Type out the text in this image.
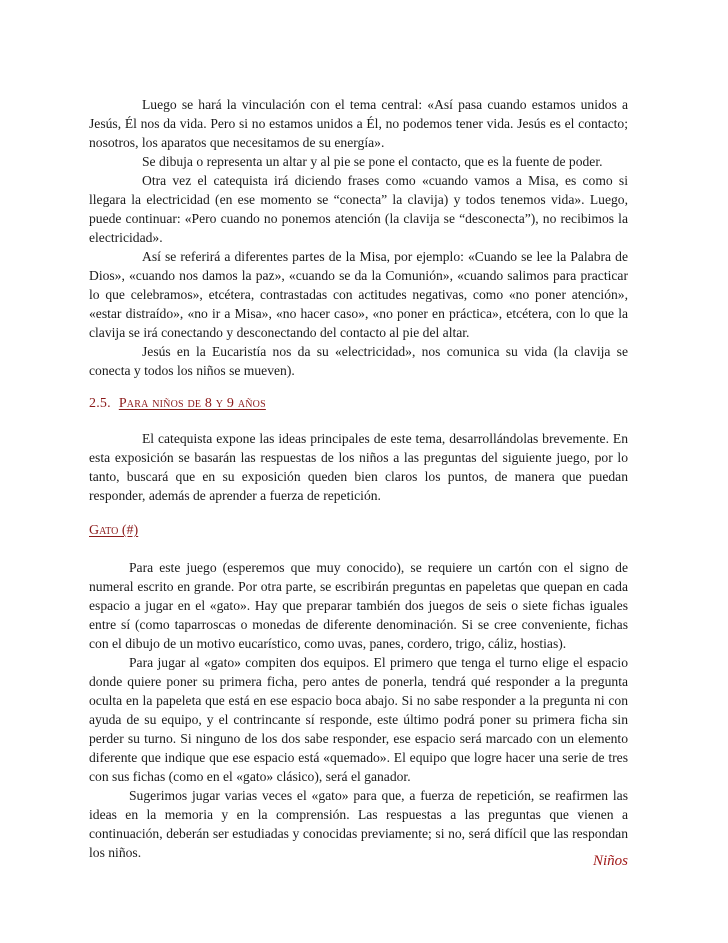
Luego se hará la vinculación con el tema central: «Así pasa cuando estamos unidos a Jesús, Él nos da vida. Pero si no estamos unidos a Él, no podemos tener vida. Jesús es el contacto; nosotros, los aparatos que necesitamos de su energía».

Se dibuja o representa un altar y al pie se pone el contacto, que es la fuente de poder.

Otra vez el catequista irá diciendo frases como «cuando vamos a Misa, es como si llegara la electricidad (en ese momento se “conecta” la clavija) y todos tenemos vida». Luego, puede continuar: «Pero cuando no ponemos atención (la clavija se “desconecta”), no recibimos la electricidad».

Así se referirá a diferentes partes de la Misa, por ejemplo: «Cuando se lee la Palabra de Dios», «cuando nos damos la paz», «cuando se da la Comunión», «cuando salimos para practicar lo que celebramos», etcétera, contrastadas con actitudes negativas, como «no poner atención», «estar distraído», «no ir a Misa», «no hacer caso», «no poner en práctica», etcétera, con lo que la clavija se irá conectando y desconectando del contacto al pie del altar.

Jesús en la Eucaristía nos da su «electricidad», nos comunica su vida (la clavija se conecta y todos los niños se mueven).

2.5. Para niños de 8 y 9 años

El catequista expone las ideas principales de este tema, desarrollándolas brevemente. En esta exposición se basarán las respuestas de los niños a las preguntas del siguiente juego, por lo tanto, buscará que en su exposición queden bien claros los puntos, de manera que puedan responder, además de aprender a fuerza de repetición.

Gato (#)

Para este juego (esperemos que muy conocido), se requiere un cartón con el signo de numeral escrito en grande. Por otra parte, se escribirán preguntas en papeletas que quepan en cada espacio a jugar en el «gato». Hay que preparar también dos juegos de seis o siete fichas iguales entre sí (como taparroscas o monedas de diferente denominación. Si se cree conveniente, fichas con el dibujo de un motivo eucarístico, como uvas, panes, cordero, trigo, cáliz, hostias).

Para jugar al «gato» compiten dos equipos. El primero que tenga el turno elige el espacio donde quiere poner su primera ficha, pero antes de ponerla, tendrá qué responder a la pregunta oculta en la papeleta que está en ese espacio boca abajo. Si no sabe responder a la pregunta ni con ayuda de su equipo, y el contrincante sí responde, este último podrá poner su primera ficha sin perder su turno. Si ninguno de los dos sabe responder, ese espacio será marcado con un elemento diferente que indique que ese espacio está «quemado». El equipo que logre hacer una serie de tres con sus fichas (como en el «gato» clásico), será el ganador.

Sugerimos jugar varias veces el «gato» para que, a fuerza de repetición, se reafirmen las ideas en la memoria y en la comprensión. Las respuestas a las preguntas que vienen a continuación, deberán ser estudiadas y conocidas previamente; si no, será difícil que las respondan los niños.

Niños
